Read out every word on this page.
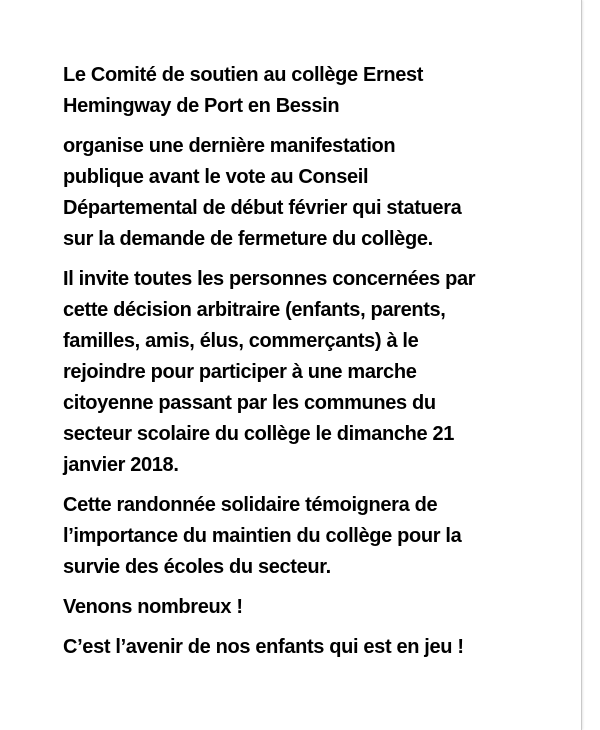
Le Comité de soutien au collège Ernest
Hemingway de Port en Bessin

organise une dernière manifestation
publique avant le vote au Conseil
Départemental de début février qui statuera
sur la demande de fermeture du collège.

Il invite toutes les personnes concernées par
cette décision arbitraire (enfants, parents,
familles, amis, élus, commerçants) à le
rejoindre pour participer à une marche
citoyenne passant par les communes du
secteur scolaire du collège le dimanche 21
janvier 2018.

Cette randonnée solidaire témoignera de
l’importance du maintien du collège pour la
survie des écoles du secteur.

Venons nombreux !

C’est l’avenir de nos enfants qui est en jeu !
